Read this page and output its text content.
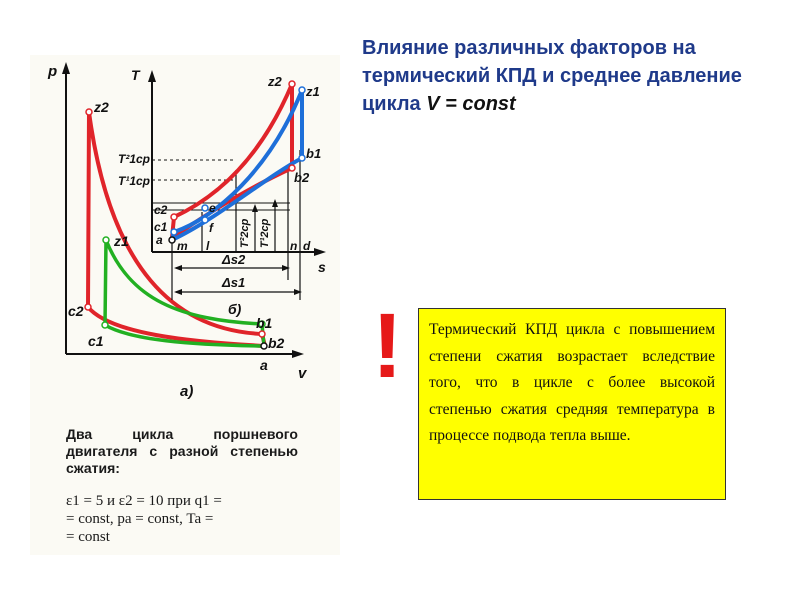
Влияние различных факторов на термический КПД и среднее давление цикла V = const
p
v
z2
z1
c2
c1
b1
b2
a
a)
T
s
z2
z1
b1
b2
c2
c1
a m
e
f
l	n d
T²1ср
T¹1ср
T²2ср T¹2ср
Δs2
Δs1
б)
Два цикла поршневого двигателя с разной степенью сжатия:
ε1 = 5 и ε2 = 10 при q1 =
= const, pa = const, Ta =
= const
!	Термический КПД цикла с повышением степени сжатия возрастает вследствие того, что в цикле с более высокой степенью сжатия средняя температура в процессе подвода тепла выше.
